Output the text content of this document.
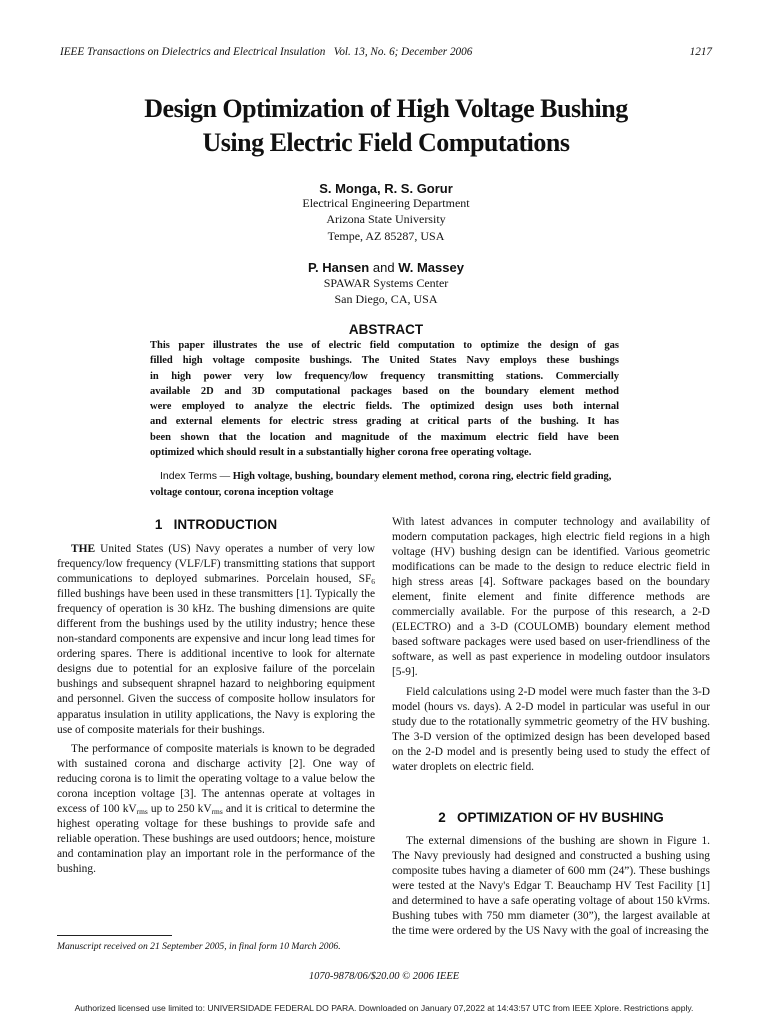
IEEE Transactions on Dielectrics and Electrical Insulation   Vol. 13, No. 6; December 2006	1217
Design Optimization of High Voltage Bushing
Using Electric Field Computations
S. Monga, R. S. Gorur
Electrical Engineering Department
Arizona State University
Tempe, AZ 85287, USA
P. Hansen and W. Massey
SPAWAR Systems Center
San Diego, CA, USA
ABSTRACT
This paper illustrates the use of electric field computation to optimize the design of gas
filled high voltage composite bushings. The United States Navy employs these bushings
in high power very low frequency/low frequency transmitting stations. Commercially
available 2D and 3D computational packages based on the boundary element method
were employed to analyze the electric fields. The optimized design uses both internal
and external elements for electric stress grading at critical parts of the bushing. It has
been shown that the location and magnitude of the maximum electric field have been
optimized which should result in a substantially higher corona free operating voltage.
Index Terms — High voltage, bushing, boundary element method, corona ring, electric field grading, voltage contour, corona inception voltage
1   INTRODUCTION

THE United States (US) Navy operates a number of very low frequency/low frequency (VLF/LF) transmitting stations that support communications to deployed submarines. Porcelain housed, $SF_6$ filled bushings have been used in these transmitters [1]. Typically the frequency of operation is 30 kHz. The bushing dimensions are quite different from the bushings used by the utility industry; hence these non-standard components are expensive and incur long lead times for ordering spares. There is additional incentive to look for alternate designs due to potential for an explosive failure of the porcelain bushings and subsequent shrapnel hazard to neighboring equipment and personnel. Given the success of composite hollow insulators for apparatus insulation in utility applications, the Navy is exploring the use of composite materials for their bushings.

The performance of composite materials is known to be degraded with sustained corona and discharge activity [2]. One way of reducing corona is to limit the operating voltage to a value below the corona inception voltage [3]. The antennas operate at voltages in excess of 100 $kV_{rms}$ up to 250 $kV_{rms}$ and it is critical to determine the highest operating voltage for these bushings to provide safe and reliable operation. These bushings are used outdoors; hence, moisture and contamination play an important role in the performance of the bushing.

With latest advances in computer technology and availability of modern computation packages, high electric field regions in a high voltage (HV) bushing design can be identified. Various geometric modifications can be made to the design to reduce electric field in high stress areas [4]. Software packages based on the boundary element, finite element and finite difference methods are commercially available. For the purpose of this research, a 2-D (ELECTRO) and a 3-D (COULOMB) boundary element method based software packages were used based on user-friendliness of the software, as well as past experience in modeling outdoor insulators [5-9].

Field calculations using 2-D model were much faster than the 3-D model (hours vs. days). A 2-D model in particular was useful in our study due to the rotationally symmetric geometry of the HV bushing. The 3-D version of the optimized design has been developed based on the 2-D model and is presently being used to study the effect of water droplets on electric field.

2   OPTIMIZATION OF HV BUSHING

The external dimensions of the bushing are shown in Figure 1. The Navy previously had designed and constructed a bushing using composite tubes having a diameter of 600 mm (24”). These bushings were tested at the Navy's Edgar T. Beauchamp HV Test Facility [1] and determined to have a safe operating voltage of about 150 kVrms. Bushing tubes with 750 mm diameter (30”), the largest available at the time were ordered by the US Navy with the goal of increasing the

Manuscript received on 21 September 2005, in final form 10 March 2006.
1070-9878/06/$20.00 © 2006 IEEE
Authorized licensed use limited to: UNIVERSIDADE FEDERAL DO PARA. Downloaded on January 07,2022 at 14:43:57 UTC from IEEE Xplore. Restrictions apply.
